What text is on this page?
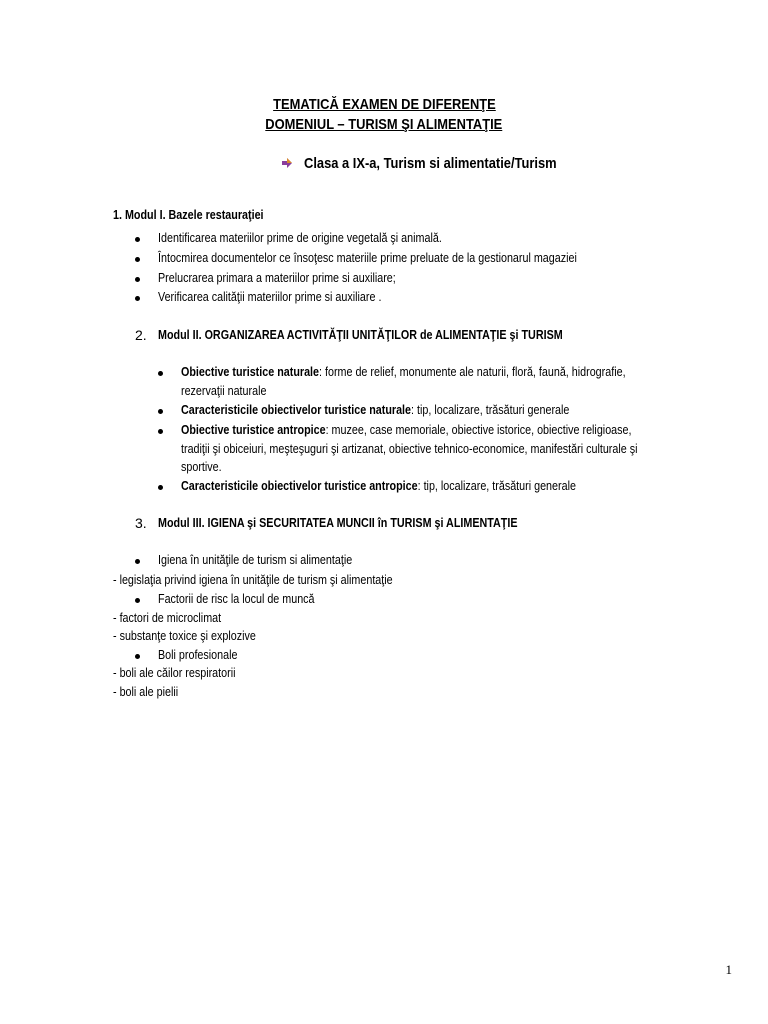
TEMATICĂ EXAMEN DE DIFERENŢE
DOMENIUL – TURISM ŞI ALIMENTAŢIE
Clasa a IX-a, Turism si alimentatie/Turism
1. Modul I. Bazele restauraţiei
Identificarea materiilor prime de origine vegetală şi animală.
Întocmirea documentelor ce însoţesc materiile prime preluate de la gestionarul magaziei
Prelucrarea primara a materiilor prime si auxiliare;
Verificarea calităţii materiilor prime si auxiliare .
2. Modul II. ORGANIZAREA ACTIVITĂŢII UNITĂŢILOR de ALIMENTAŢIE şi TURISM
Obiective turistice naturale: forme de relief, monumente ale naturii, floră, faună, hidrografie,
rezervaţii naturale
Caracteristicile obiectivelor turistice naturale: tip, localizare, trăsături generale
Obiective turistice antropice: muzee, case memoriale, obiective istorice, obiective religioase,
tradiţii şi obiceiuri, meşteşuguri şi artizanat, obiective tehnico-economice, manifestări culturale şi
sportive.
Caracteristicile obiectivelor turistice antropice: tip, localizare, trăsături generale
3. Modul III. IGIENA şi SECURITATEA MUNCII în TURISM şi ALIMENTAŢIE
Igiena în unităţile de turism si alimentaţie
- legislaţia privind igiena în unităţile de turism şi alimentaţie
Factorii de risc la locul de muncă
- factori de microclimat
- substanţe toxice şi explozive
Boli profesionale
- boli ale căilor respiratorii
- boli ale pielii
1
